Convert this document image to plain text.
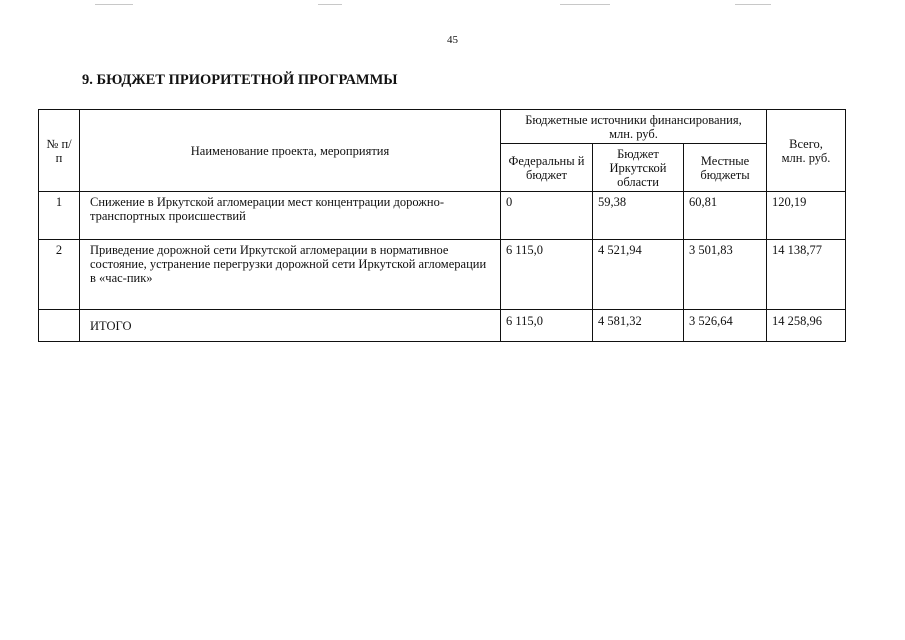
45
9. БЮДЖЕТ ПРИОРИТЕТНОЙ ПРОГРАММЫ
№ п/п	Наименование проекта, мероприятия	Бюджетные источники финансирования, млн. руб.			Всего, млн. руб.
		Федеральны й бюджет	Бюджет Иркутской области	Местные бюджеты	
1	Снижение в Иркутской агломерации мест концентрации дорожно-транспортных происшествий	0	59,38	60,81	120,19
2	Приведение дорожной сети Иркутской агломерации в нормативное состояние, устранение перегрузки дорожной сети Иркутской агломерации в «час-пик»	6 115,0	4 521,94	3 501,83	14 138,77
	ИТОГО	6 115,0	4 581,32	3 526,64	14 258,96
